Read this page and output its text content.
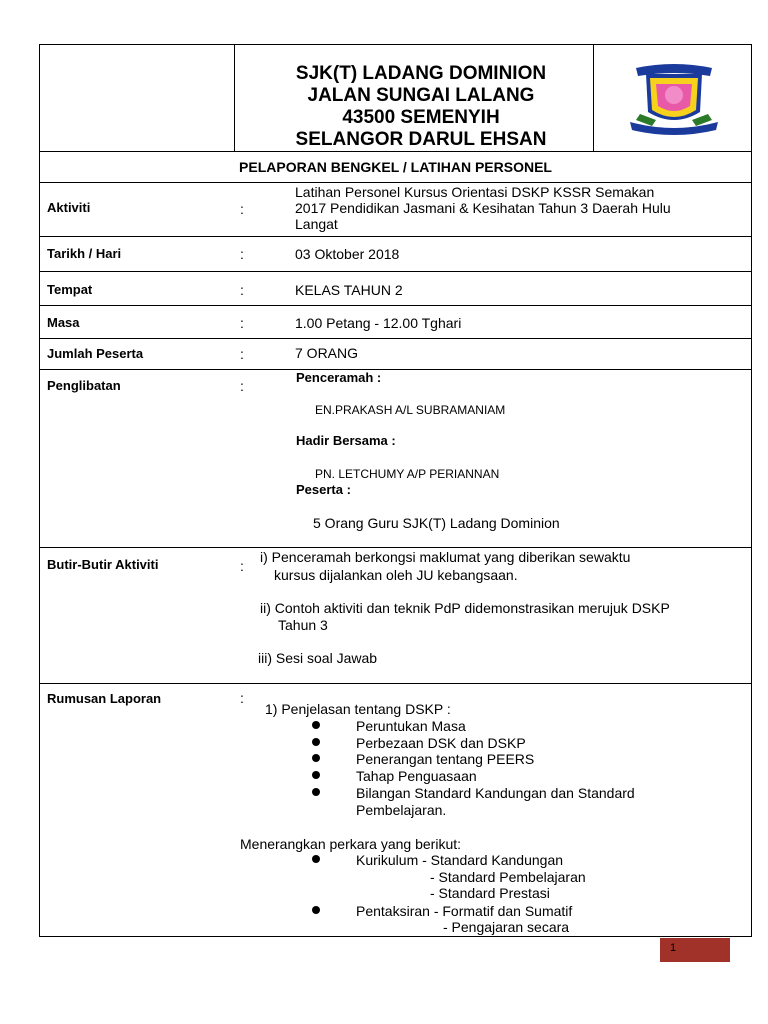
SJK(T) LADANG DOMINION
JALAN SUNGAI LALANG
43500 SEMENYIH
SELANGOR DARUL EHSAN
PELAPORAN BENGKEL / LATIHAN PERSONEL
Aktiviti	:
Latihan Personel Kursus Orientasi DSKP KSSR Semakan
2017 Pendidikan Jasmani & Kesihatan Tahun 3 Daerah Hulu
Langat
Tarikh / Hari	:	03 Oktober 2018
Tempat	:	KELAS TAHUN 2
Masa	:	1.00 Petang - 12.00 Tghari
Jumlah Peserta	:	7 ORANG
Penglibatan	:
Penceramah :
EN.PRAKASH A/L SUBRAMANIAM
Hadir Bersama :
PN. LETCHUMY A/P PERIANNAN
Peserta :
5 Orang Guru SJK(T) Ladang Dominion
Butir-Butir Aktiviti	:
i) Penceramah berkongsi maklumat yang diberikan sewaktu
kursus dijalankan oleh JU kebangsaan.
ii) Contoh aktiviti dan teknik PdP didemonstrasikan merujuk DSKP
Tahun 3
iii) Sesi soal Jawab
Rumusan Laporan	:
1) Penjelasan tentang DSKP :
Peruntukan Masa
Perbezaan DSK dan DSKP
Penerangan tentang PEERS
Tahap Penguasaan
Bilangan Standard Kandungan dan Standard
Pembelajaran.
Menerangkan perkara yang berikut:
Kurikulum - Standard Kandungan
- Standard Pembelajaran
- Standard Prestasi
Pentaksiran - Formatif dan Sumatif
- Pengajaran secara
1
